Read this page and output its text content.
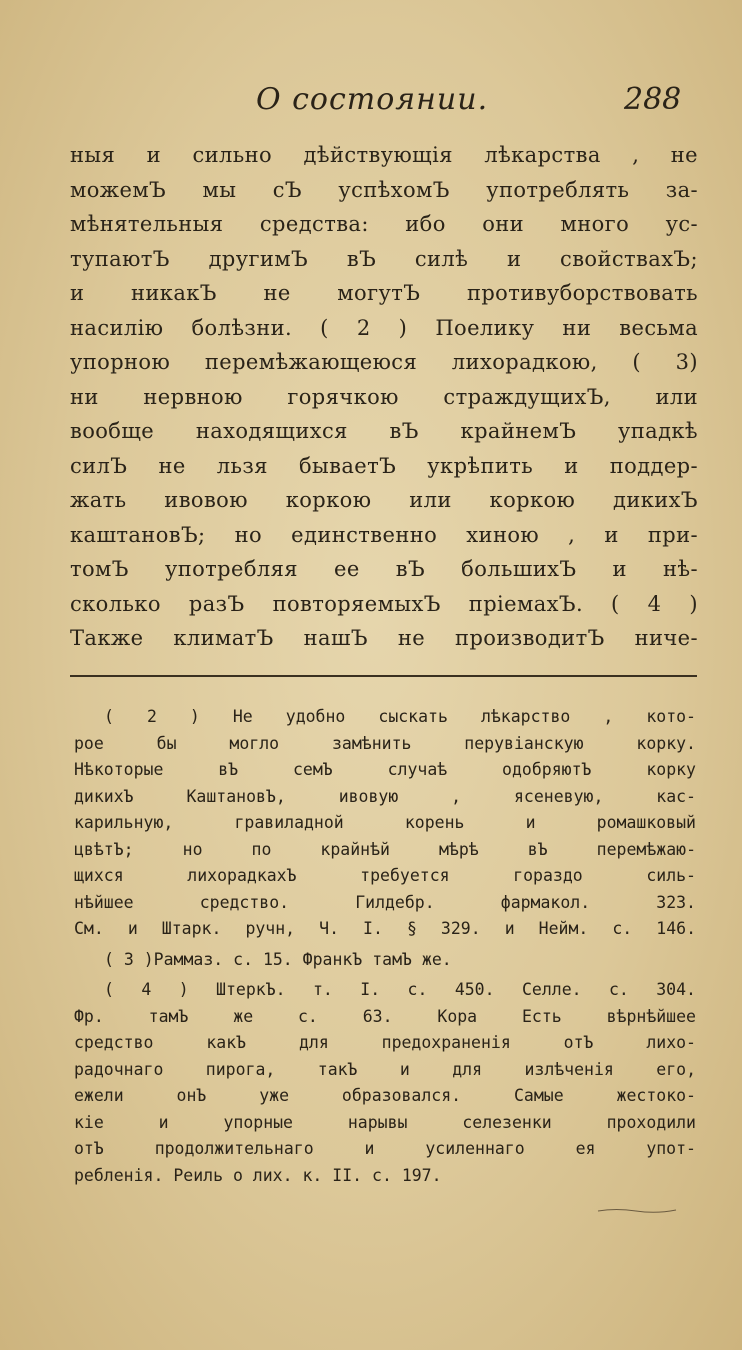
О состоянии.	288
ныя и сильно дѣйствующія лѣкарства , не
можемЪ мы сЪ успѣхомЪ употреблять за-
мѣнятельныя средства: ибо они много ус-
тупаютЪ другимЪ вЪ силѣ и свойствахЪ;
и никакЪ не могутЪ противуборствовать
насилію болѣзни. ( 2 ) Поелику ни весьма
упорною перемѣжающеюся лихорадкою, ( 3)
ни нервною горячкою страждущихЪ, или
вообще находящихся вЪ крайнемЪ упадкѣ
силЪ не льзя бываетЪ укрѣпить и поддер-
жать ивовою коркою или коркою дикихЪ
каштановЪ; но единственно хиною , и при-
томЪ употребляя ее вЪ большихЪ и нѣ-
сколько разЪ повторяемыхЪ пріемахЪ. ( 4 )
Также климатЪ нашЪ не производитЪ ниче-
( 2 ) Не удобно сыскать лѣкарство , кото-
рое бы могло замѣнить перувіанскую корку.
Нѣкоторые вЪ семЪ случаѣ одобряютЪ корку
дикихЪ КаштановЪ, ивовую , ясеневую, кас-
карильную, гравиладной корень и ромашковый
цвѣтЪ; но по крайнѣй мѣрѣ вЪ перемѣжаю-
щихся лихорадкахЪ требуется гораздо силь-
нѣйшее средство. Гилдебр. фармакол. 323.
См. и Штарк. ручн, Ч. I. § 329. и Нейм. с. 146.
( 3 )Раммаз. с. 15. ФранкЪ тамЪ же.
( 4 ) ШтеркЪ. т. I. с. 450. Селле. с. 304.
Фр. тамЪ же с. 63. Кора Есть вѣрнѣйшее
средство какЪ для предохраненія отЪ лихо-
радочнаго пирога, такЪ и для излѣченія его,
ежели онЪ уже образовался. Самые жестоко-
кіе и упорные нарывы селезенки проходили
отЪ продолжительнаго и усиленнаго ея упот-
ребленія. Реиль о лих. к. II. с. 197.
